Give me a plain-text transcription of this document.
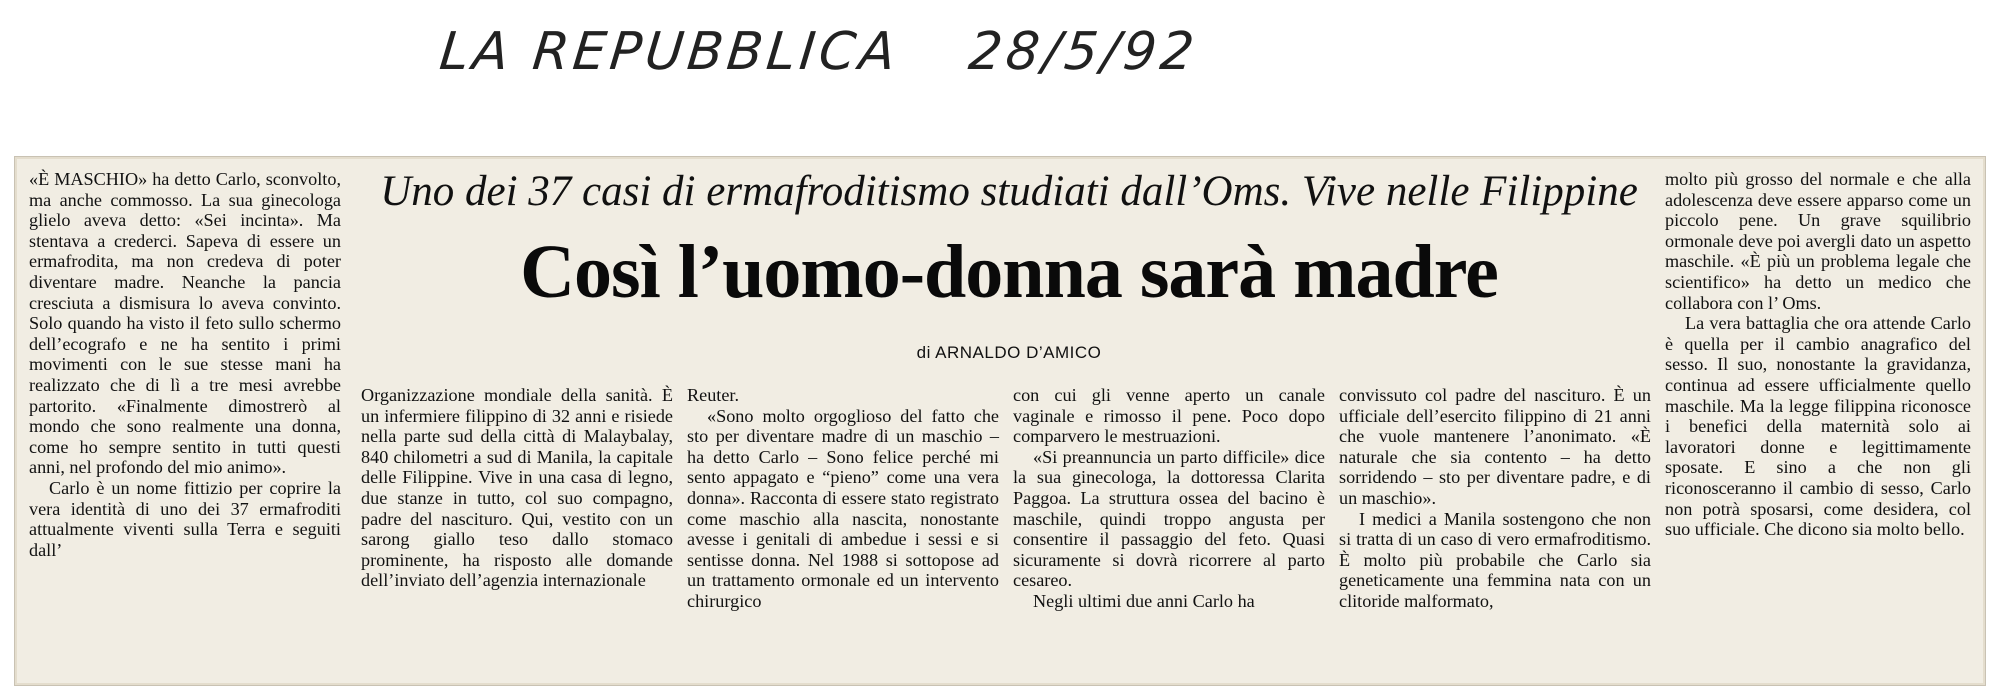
LA REPUBBLICA 28/5/92

«È MASCHIO» ha detto Carlo, sconvolto, ma anche commosso. La sua ginecologa glielo aveva detto: «Sei incinta». Ma stentava a crederci. Sapeva di essere un ermafrodita, ma non credeva di poter diventare madre. Neanche la pancia cresciuta a dismisura lo aveva convinto. Solo quando ha visto il feto sullo schermo dell’ecografo e ne ha sentito i primi movimenti con le sue stesse mani ha realizzato che di lì a tre mesi avrebbe partorito. «Finalmente dimostrerò al mondo che sono realmente una donna, come ho sempre sentito in tutti questi anni, nel profondo del mio animo».

Carlo è un nome fittizio per coprire la vera identità di uno dei 37 ermafroditi attualmente viventi sulla Terra e seguiti dall’

Uno dei 37 casi di ermafroditismo studiati dall’Oms. Vive nelle Filippine
Così l’uomo-donna sarà madre
di ARNALDO D’AMICO

Organizzazione mondiale della sanità. È un infermiere filippino di 32 anni e risiede nella parte sud della città di Malaybalay, 840 chilometri a sud di Manila, la capitale delle Filippine. Vive in una casa di legno, due stanze in tutto, col suo compagno, padre del nascituro. Qui, vestito con un sarong giallo teso dallo stomaco prominente, ha risposto alle domande dell’inviato dell’agenzia internazionale

Reuter.

«Sono molto orgoglioso del fatto che sto per diventare madre di un maschio – ha detto Carlo – Sono felice perché mi sento appagato e “pieno” come una vera donna». Racconta di essere stato registrato come maschio alla nascita, nonostante avesse i genitali di ambedue i sessi e si sentisse donna. Nel 1988 si sottopose ad un trattamento ormonale ed un intervento chirurgico

con cui gli venne aperto un canale vaginale e rimosso il pene. Poco dopo comparvero le mestruazioni.

«Si preannuncia un parto difficile» dice la sua ginecologa, la dottoressa Clarita Paggoa. La struttura ossea del bacino è maschile, quindi troppo angusta per consentire il passaggio del feto. Quasi sicuramente si dovrà ricorrere al parto cesareo.

Negli ultimi due anni Carlo ha

convissuto col padre del nascituro. È un ufficiale dell’esercito filippino di 21 anni che vuole mantenere l’anonimato. «È naturale che sia contento – ha detto sorridendo – sto per diventare padre, e di un maschio».

I medici a Manila sostengono che non si tratta di un caso di vero ermafroditismo. È molto più probabile che Carlo sia geneticamente una femmina nata con un clitoride malformato,

molto più grosso del normale e che alla adolescenza deve essere apparso come un piccolo pene. Un grave squilibrio ormonale deve poi avergli dato un aspetto maschile. «È più un problema legale che scientifico» ha detto un medico che collabora con l’ Oms.

La vera battaglia che ora attende Carlo è quella per il cambio anagrafico del sesso. Il suo, nonostante la gravidanza, continua ad essere ufficialmente quello maschile. Ma la legge filippina riconosce i benefici della maternità solo ai lavoratori donne e legittimamente sposate. E sino a che non gli riconosceranno il cambio di sesso, Carlo non potrà sposarsi, come desidera, col suo ufficiale. Che dicono sia molto bello.
